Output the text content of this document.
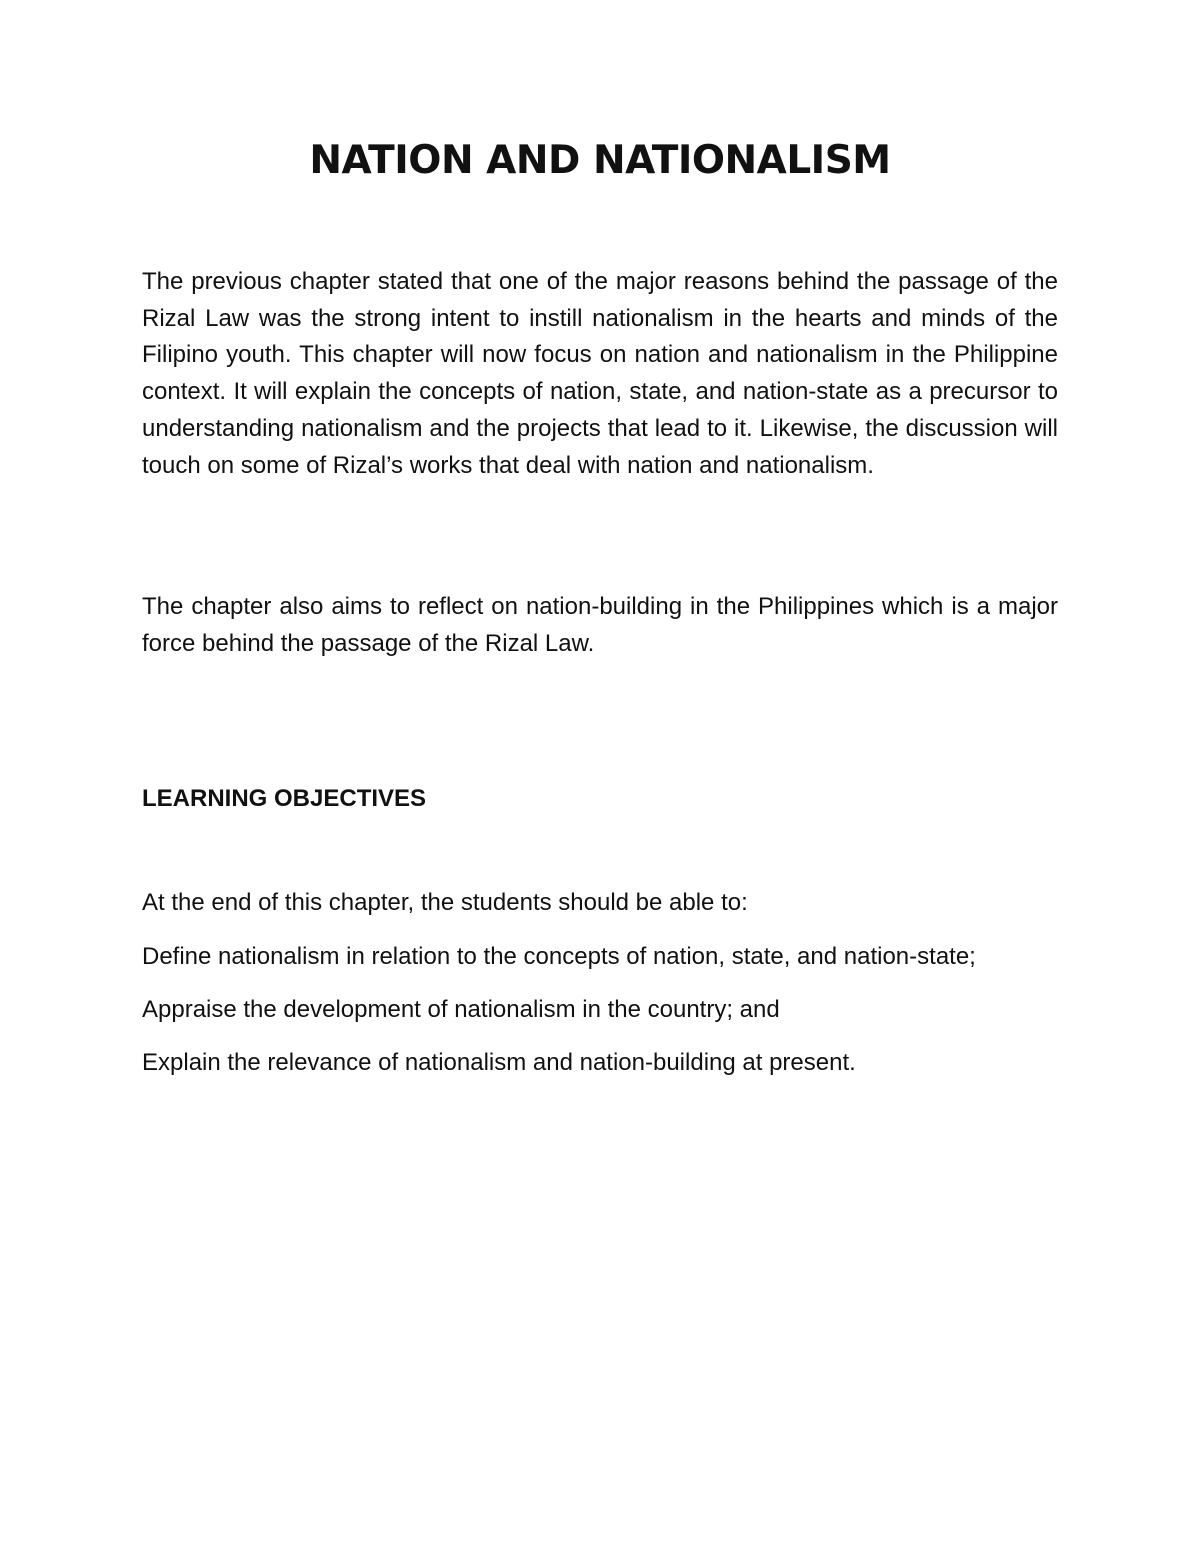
NATION AND NATIONALISM

The previous chapter stated that one of the major reasons behind the passage of the Rizal Law was the strong intent to instill nationalism in the hearts and minds of the Filipino youth. This chapter will now focus on nation and nationalism in the Philippine context. It will explain the concepts of nation, state, and nation-state as a precursor to understanding nationalism and the projects that lead to it. Likewise, the discussion will touch on some of Rizal’s works that deal with nation and nationalism.

The chapter also aims to reflect on nation-building in the Philippines which is a major force behind the passage of the Rizal Law.

LEARNING OBJECTIVES

At the end of this chapter, the students should be able to:

Define nationalism in relation to the concepts of nation, state, and nation-state;
Appraise the development of nationalism in the country; and
Explain the relevance of nationalism and nation-building at present.
